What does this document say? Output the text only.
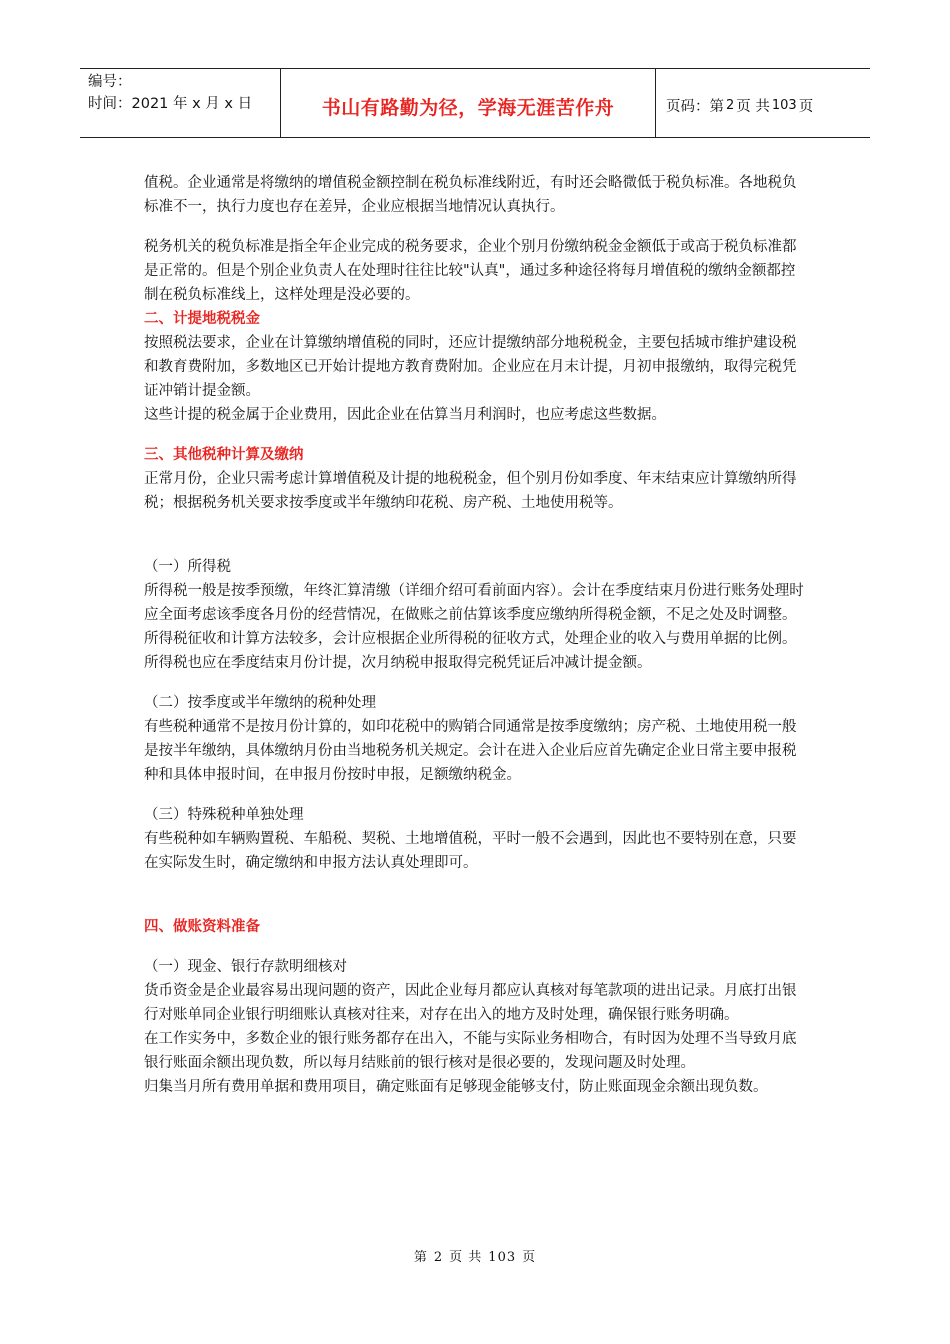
编号：
时间：2021 年 x 月 x 日	书山有路勤为径，学海无涯苦作舟	页码：第 2 页 共 103 页

值税。企业通常是将缴纳的增值税金额控制在税负标准线附近，有时还会略微低于税负标准。各地税负标准不一，执行力度也存在差异，企业应根据当地情况认真执行。

税务机关的税负标准是指全年企业完成的税务要求，企业个别月份缴纳税金金额低于或高于税负标准都是正常的。但是个别企业负责人在处理时往往比较"认真"，通过多种途径将每月增值税的缴纳金额都控制在税负标准线上，这样处理是没必要的。

二、计提地税税金

按照税法要求，企业在计算缴纳增值税的同时，还应计提缴纳部分地税税金，主要包括城市维护建设税和教育费附加，多数地区已开始计提地方教育费附加。企业应在月末计提，月初申报缴纳，取得完税凭证冲销计提金额。

这些计提的税金属于企业费用，因此企业在估算当月利润时，也应考虑这些数据。

三、其他税种计算及缴纳

正常月份，企业只需考虑计算增值税及计提的地税税金，但个别月份如季度、年末结束应计算缴纳所得税；根据税务机关要求按季度或半年缴纳印花税、房产税、土地使用税等。

（一）所得税

所得税一般是按季预缴，年终汇算清缴（详细介绍可看前面内容）。会计在季度结束月份进行账务处理时应全面考虑该季度各月份的经营情况，在做账之前估算该季度应缴纳所得税金额，不足之处及时调整。

所得税征收和计算方法较多，会计应根据企业所得税的征收方式，处理企业的收入与费用单据的比例。所得税也应在季度结束月份计提，次月纳税申报取得完税凭证后冲减计提金额。

（二）按季度或半年缴纳的税种处理

有些税种通常不是按月份计算的，如印花税中的购销合同通常是按季度缴纳；房产税、土地使用税一般是按半年缴纳，具体缴纳月份由当地税务机关规定。会计在进入企业后应首先确定企业日常主要申报税种和具体申报时间，在申报月份按时申报，足额缴纳税金。

（三）特殊税种单独处理

有些税种如车辆购置税、车船税、契税、土地增值税，平时一般不会遇到，因此也不要特别在意，只要在实际发生时，确定缴纳和申报方法认真处理即可。

四、做账资料准备

（一）现金、银行存款明细核对

货币资金是企业最容易出现问题的资产，因此企业每月都应认真核对每笔款项的进出记录。月底打出银行对账单同企业银行明细账认真核对往来，对存在出入的地方及时处理，确保银行账务明确。

在工作实务中，多数企业的银行账务都存在出入，不能与实际业务相吻合，有时因为处理不当导致月底银行账面余额出现负数，所以每月结账前的银行核对是很必要的，发现问题及时处理。

归集当月所有费用单据和费用项目，确定账面有足够现金能够支付，防止账面现金余额出现负数。

第 2 页 共 103 页
